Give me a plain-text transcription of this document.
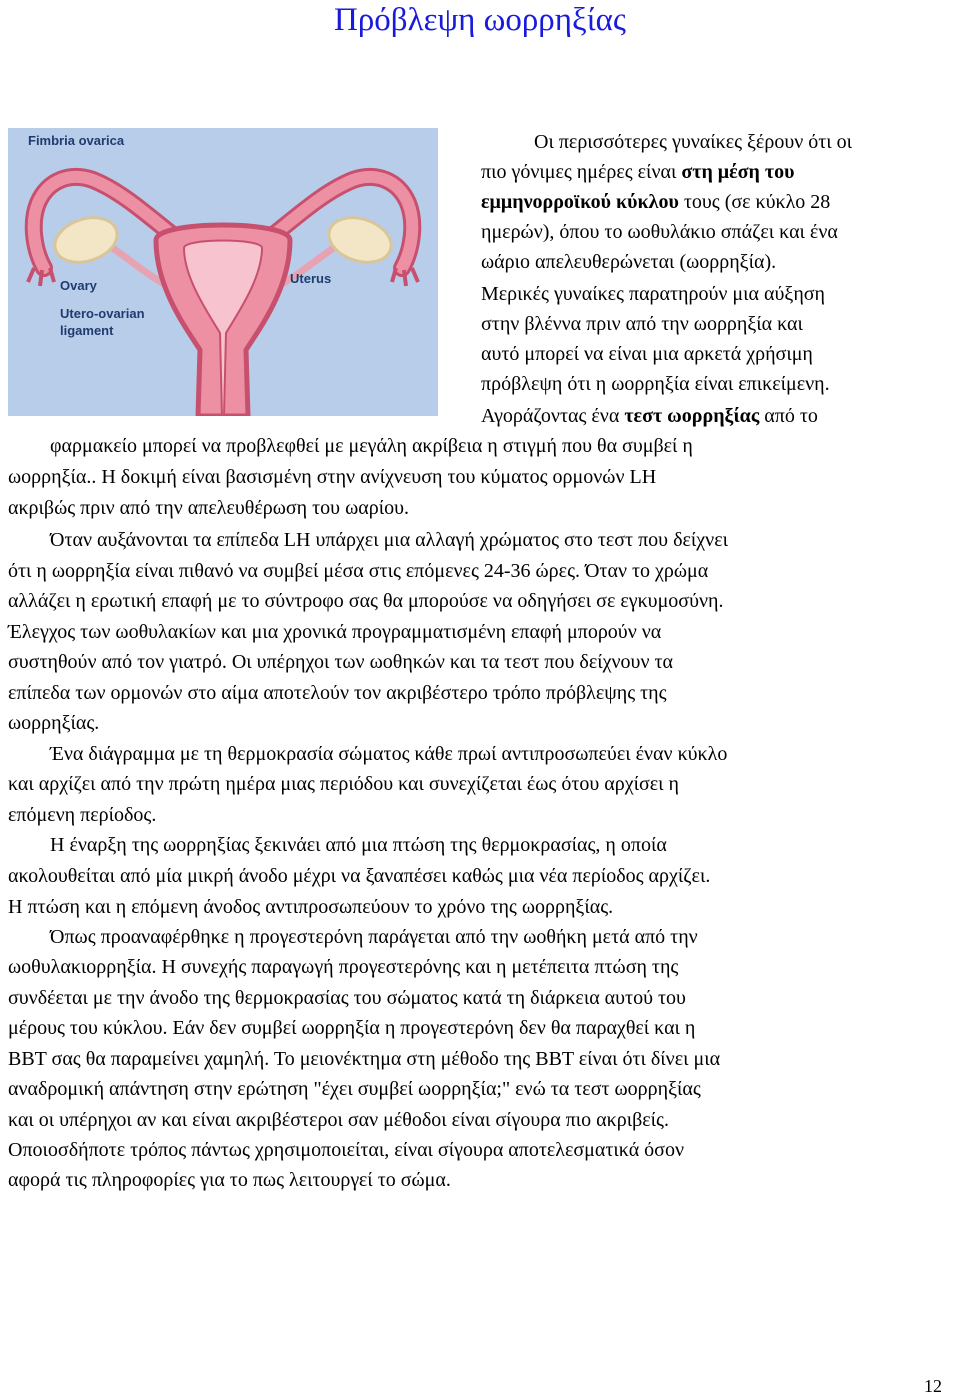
Πρόβλεψη ωορρηξίας
Fimbria ovarica
Ovary
Utero-ovarian
ligament
Uterus
Οι περισσότερες γυναίκες ξέρουν ότι οι
πιο γόνιμες ημέρες είναι στη μέση του
εμμηνορροϊκού κύκλου τους (σε κύκλο 28
ημερών), όπου το ωοθυλάκιο σπάζει και ένα
ωάριο απελευθερώνεται (ωορρηξία).
Μερικές γυναίκες παρατηρούν μια αύξηση
στην βλέννα πριν από την ωορρηξία και
αυτό μπορεί να είναι μια αρκετά χρήσιμη
πρόβλεψη ότι η ωορρηξία είναι επικείμενη.
Αγοράζοντας ένα τεστ ωορρηξίας από το
φαρμακείο μπορεί να προβλεφθεί με μεγάλη ακρίβεια η στιγμή που θα συμβεί η
ωορρηξία.. Η δοκιμή είναι βασισμένη στην ανίχνευση του κύματος ορμονών LH
ακριβώς πριν από την απελευθέρωση του ωαρίου.
Όταν αυξάνονται τα επίπεδα LH υπάρχει μια αλλαγή χρώματος στο τεστ που δείχνει
ότι η ωορρηξία είναι πιθανό να συμβεί μέσα στις επόμενες 24-36 ώρες. Όταν το χρώμα
αλλάζει η ερωτική επαφή με το σύντροφο σας θα μπορούσε να οδηγήσει σε εγκυμοσύνη.
Έλεγχος των ωοθυλακίων και μια χρονικά προγραμματισμένη επαφή μπορούν να
συστηθούν από τον γιατρό. Οι υπέρηχοι των ωοθηκών και τα τεστ που δείχνουν τα
επίπεδα των ορμονών στο αίμα αποτελούν τον ακριβέστερο τρόπο πρόβλεψης της
ωορρηξίας.
Ένα διάγραμμα με τη θερμοκρασία σώματος κάθε πρωί αντιπροσωπεύει έναν κύκλο
και αρχίζει από την πρώτη ημέρα μιας περιόδου και συνεχίζεται έως ότου αρχίσει η
επόμενη περίοδος.
Η έναρξη της ωορρηξίας ξεκινάει από μια πτώση της θερμοκρασίας, η οποία
ακολουθείται από μία μικρή άνοδο μέχρι να ξαναπέσει καθώς μια νέα περίοδος αρχίζει.
Η πτώση και η επόμενη άνοδος αντιπροσωπεύουν το χρόνο της ωορρηξίας.
Όπως προαναφέρθηκε η προγεστερόνη παράγεται από την ωοθήκη μετά από την
ωοθυλακιορρηξία. Η συνεχής παραγωγή προγεστερόνης και η μετέπειτα πτώση της
συνδέεται με την άνοδο της θερμοκρασίας του σώματος κατά τη διάρκεια αυτού του
μέρους του κύκλου. Εάν δεν συμβεί ωορρηξία η προγεστερόνη δεν θα παραχθεί και η
BBT σας θα παραμείνει χαμηλή. Το μειονέκτημα στη μέθοδο της BBT είναι ότι δίνει μια
αναδρομική απάντηση στην ερώτηση "έχει συμβεί ωορρηξία;" ενώ τα τεστ ωορρηξίας
και οι υπέρηχοι αν και είναι ακριβέστεροι σαν μέθοδοι είναι σίγουρα πιο ακριβείς.
Οποιοσδήποτε τρόπος πάντως χρησιμοποιείται, είναι σίγουρα αποτελεσματικά όσον
αφορά τις πληροφορίες για το πως λειτουργεί το σώμα.
12
